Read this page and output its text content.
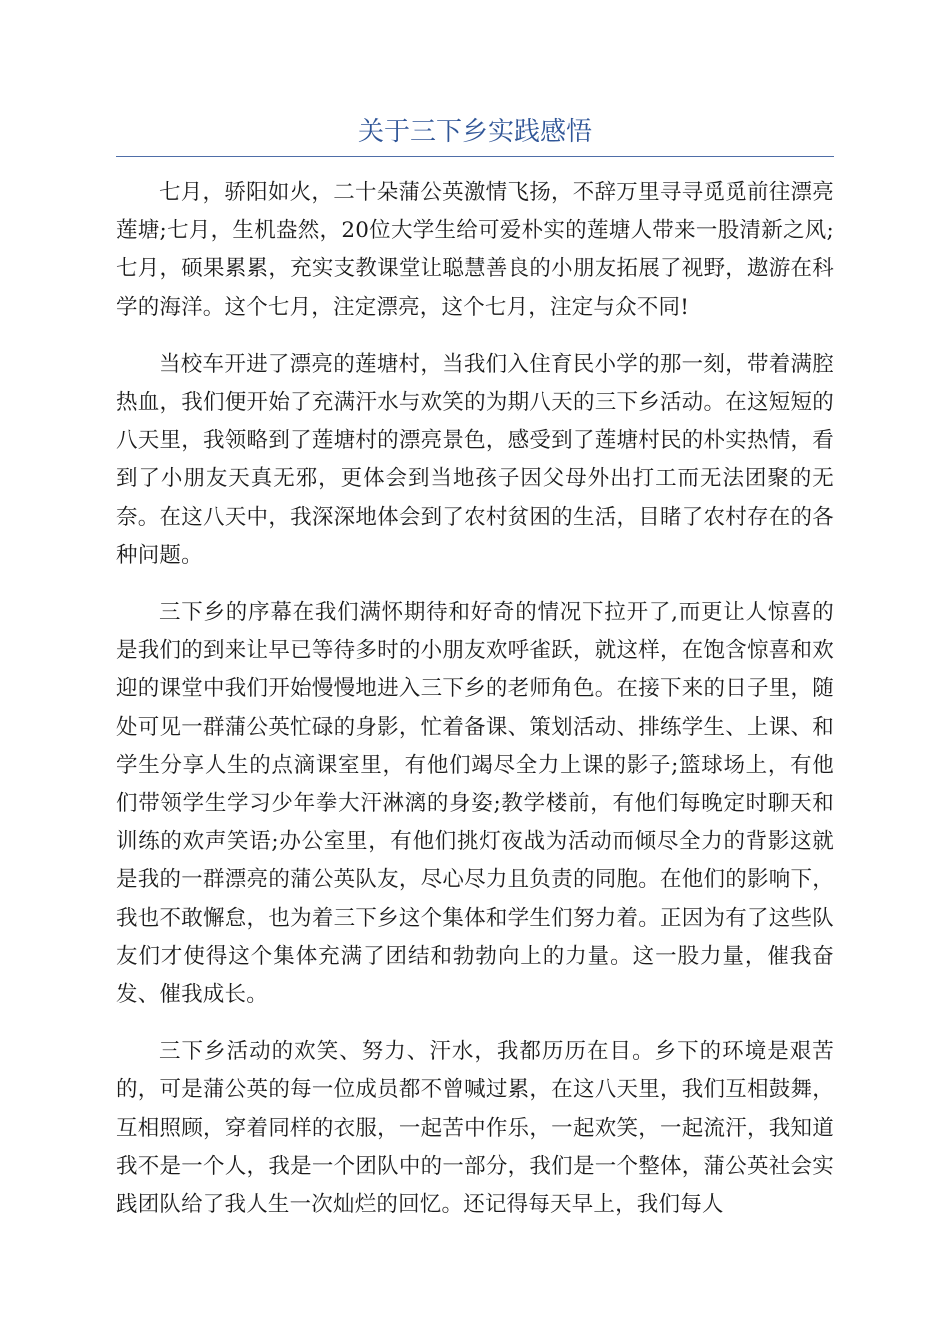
关于三下乡实践感悟

七月，骄阳如火，二十朵蒲公英激情飞扬，不辞万里寻寻觅觅前往漂亮莲塘;七月，生机盎然，20位大学生给可爱朴实的莲塘人带来一股清新之风;七月，硕果累累，充实支教课堂让聪慧善良的小朋友拓展了视野，遨游在科学的海洋。这个七月，注定漂亮，这个七月，注定与众不同!

当校车开进了漂亮的莲塘村，当我们入住育民小学的那一刻，带着满腔热血，我们便开始了充满汗水与欢笑的为期八天的三下乡活动。在这短短的八天里，我领略到了莲塘村的漂亮景色，感受到了莲塘村民的朴实热情，看到了小朋友天真无邪，更体会到当地孩子因父母外出打工而无法团聚的无奈。在这八天中，我深深地体会到了农村贫困的生活，目睹了农村存在的各种问题。

三下乡的序幕在我们满怀期待和好奇的情况下拉开了,而更让人惊喜的是我们的到来让早已等待多时的小朋友欢呼雀跃，就这样，在饱含惊喜和欢迎的课堂中我们开始慢慢地进入三下乡的老师角色。在接下来的日子里，随处可见一群蒲公英忙碌的身影，忙着备课、策划活动、排练学生、上课、和学生分享人生的点滴课室里，有他们竭尽全力上课的影子;篮球场上，有他们带领学生学习少年拳大汗淋漓的身姿;教学楼前，有他们每晚定时聊天和训练的欢声笑语;办公室里，有他们挑灯夜战为活动而倾尽全力的背影这就是我的一群漂亮的蒲公英队友，尽心尽力且负责的同胞。在他们的影响下，我也不敢懈怠，也为着三下乡这个集体和学生们努力着。正因为有了这些队友们才使得这个集体充满了团结和勃勃向上的力量。这一股力量，催我奋发、催我成长。

三下乡活动的欢笑、努力、汗水，我都历历在目。乡下的环境是艰苦的，可是蒲公英的每一位成员都不曾喊过累，在这八天里，我们互相鼓舞，互相照顾，穿着同样的衣服，一起苦中作乐，一起欢笑，一起流汗，我知道我不是一个人，我是一个团队中的一部分，我们是一个整体，蒲公英社会实践团队给了我人生一次灿烂的回忆。还记得每天早上，我们每人
